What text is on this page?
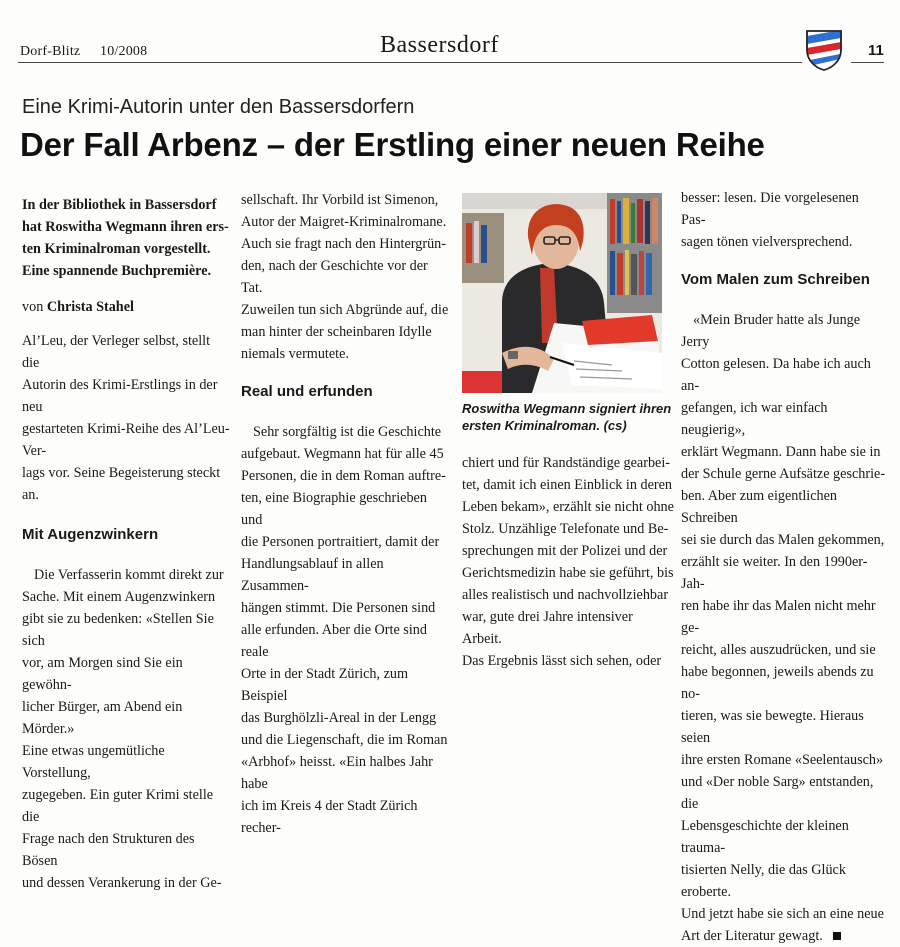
Dorf-Blitz 10/2008	Bassersdorf	11
Eine Krimi-Autorin unter den Bassersdorfern
Der Fall Arbenz – der Erstling einer neuen Reihe

In der Bibliothek in Bassersdorf
hat Roswitha Wegmann ihren ers-
ten Kriminalroman vorgestellt.
Eine spannende Buchpremière.

von Christa Stahel

Al’Leu, der Verleger selbst, stellt die
Autorin des Krimi-Erstlings in der neu
gestarteten Krimi-Reihe des Al’Leu-Ver-
lags vor. Seine Begeisterung steckt an.

Mit Augenzwinkern

Die Verfasserin kommt direkt zur
Sache. Mit einem Augenzwinkern
gibt sie zu bedenken: «Stellen Sie sich
vor, am Morgen sind Sie ein gewöhn-
licher Bürger, am Abend ein Mörder.»
Eine etwas ungemütliche Vorstellung,
zugegeben. Ein guter Krimi stelle die
Frage nach den Strukturen des Bösen
und dessen Verankerung in der Ge-

sellschaft. Ihr Vorbild ist Simenon,
Autor der Maigret-Kriminalromane.
Auch sie fragt nach den Hintergrün-
den, nach der Geschichte vor der Tat.
Zuweilen tun sich Abgründe auf, die
man hinter der scheinbaren Idylle
niemals vermutete.

Real und erfunden

Sehr sorgfältig ist die Geschichte
aufgebaut. Wegmann hat für alle 45
Personen, die in dem Roman auftre-
ten, eine Biographie geschrieben und
die Personen portraitiert, damit der
Handlungsablauf in allen Zusammen-
hängen stimmt. Die Personen sind
alle erfunden. Aber die Orte sind reale
Orte in der Stadt Zürich, zum Beispiel
das Burghölzli-Areal in der Lengg
und die Liegenschaft, die im Roman
«Arbhof» heisst. «Ein halbes Jahr habe
ich im Kreis 4 der Stadt Zürich recher-

Roswitha Wegmann signiert ihren
ersten Kriminalroman. (cs)

chiert und für Randständige gearbei-
tet, damit ich einen Einblick in deren
Leben bekam», erzählt sie nicht ohne
Stolz. Unzählige Telefonate und Be-
sprechungen mit der Polizei und der
Gerichtsmedizin habe sie geführt, bis
alles realistisch und nachvollziehbar
war, gute drei Jahre intensiver Arbeit.
Das Ergebnis lässt sich sehen, oder

besser: lesen. Die vorgelesenen Pas-
sagen tönen vielversprechend.

Vom Malen zum Schreiben

«Mein Bruder hatte als Junge Jerry
Cotton gelesen. Da habe ich auch an-
gefangen, ich war einfach neugierig»,
erklärt Wegmann. Dann habe sie in
der Schule gerne Aufsätze geschrie-
ben. Aber zum eigentlichen Schreiben
sei sie durch das Malen gekommen,
erzählt sie weiter. In den 1990er-Jah-
ren habe ihr das Malen nicht mehr ge-
reicht, alles auszudrücken, und sie
habe begonnen, jeweils abends zu no-
tieren, was sie bewegte. Hieraus seien
ihre ersten Romane «Seelentausch»
und «Der noble Sarg» entstanden, die
Lebensgeschichte der kleinen trauma-
tisierten Nelly, die das Glück eroberte.
Und jetzt habe sie sich an eine neue
Art der Literatur gewagt.
